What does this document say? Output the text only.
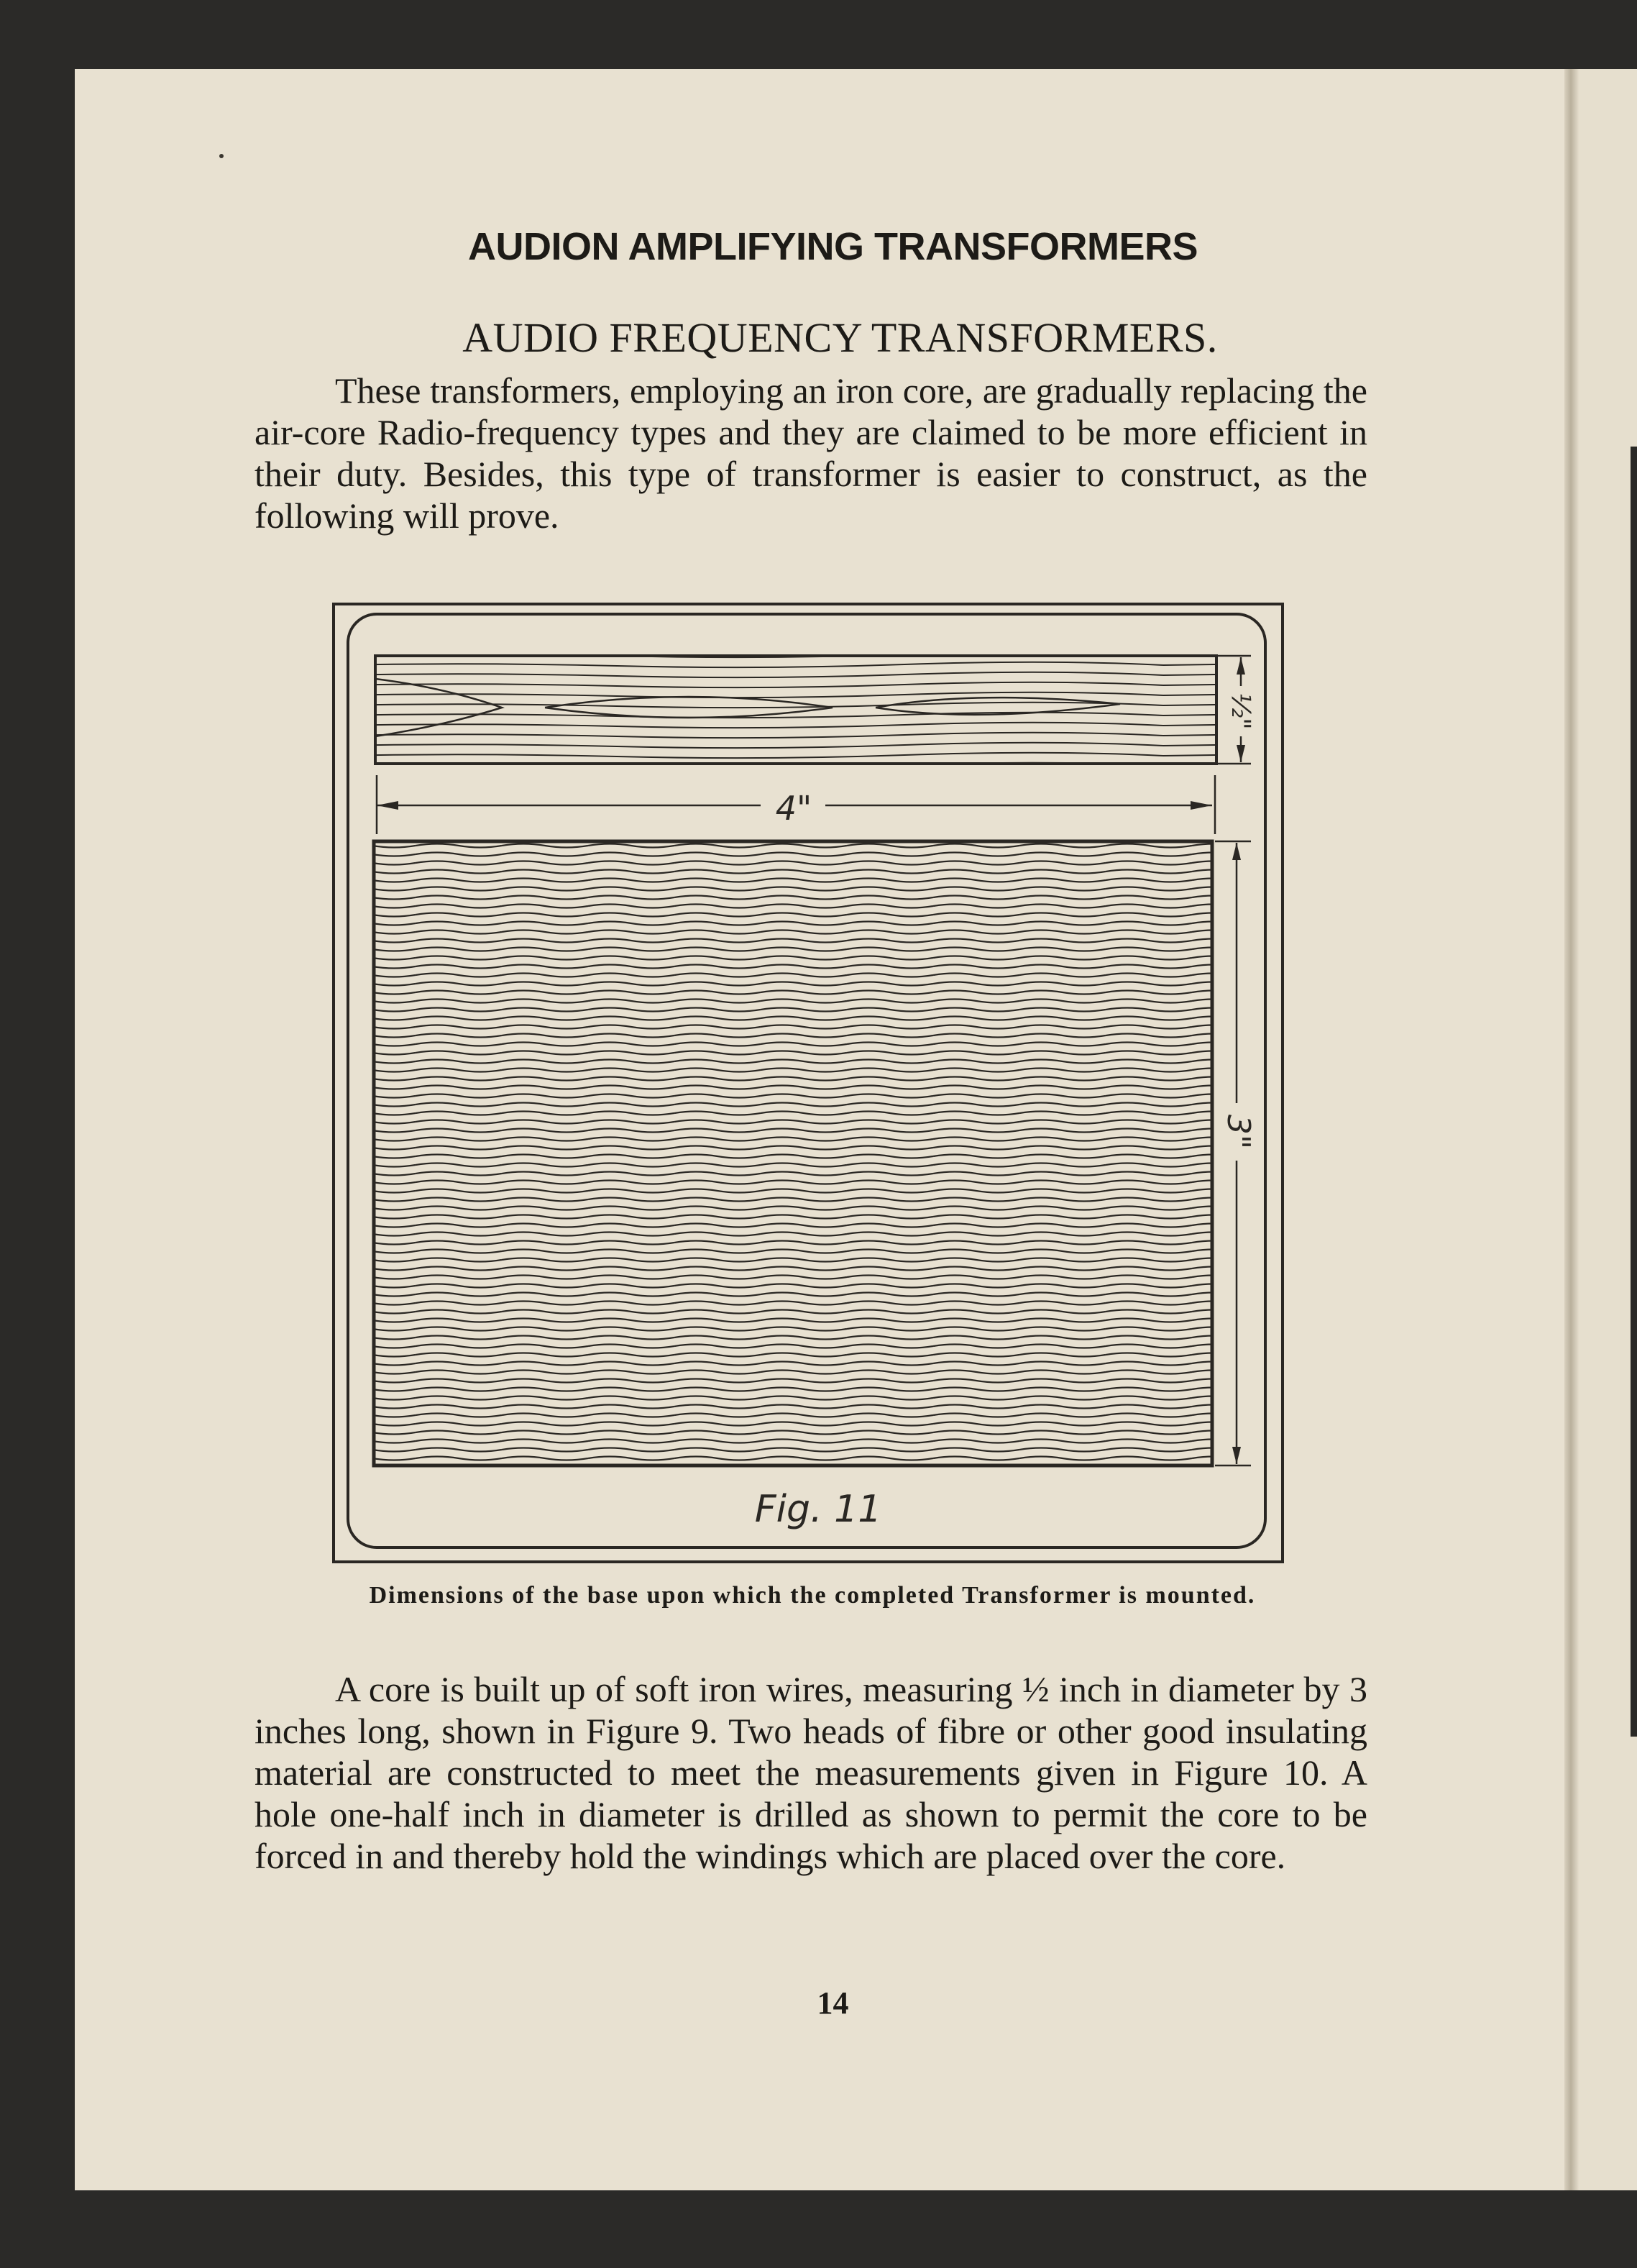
AUDION AMPLIFYING TRANSFORMERS
AUDIO FREQUENCY TRANSFORMERS.

These transformers, employing an iron core, are gradually replacing the air-core Radio-frequency types and they are claimed to be more efficient in their duty. Besides, this type of transformer is easier to construct, as the following will prove.

4"
½"
3"
Fig. 11
Dimensions of the base upon which the completed Transformer is mounted.

A core is built up of soft iron wires, measuring ½ inch in diameter by 3 inches long, shown in Figure 9. Two heads of fibre or other good insulating material are constructed to meet the measurements given in Figure 10. A hole one-half inch in diameter is drilled as shown to permit the core to be forced in and thereby hold the windings which are placed over the core.

14
